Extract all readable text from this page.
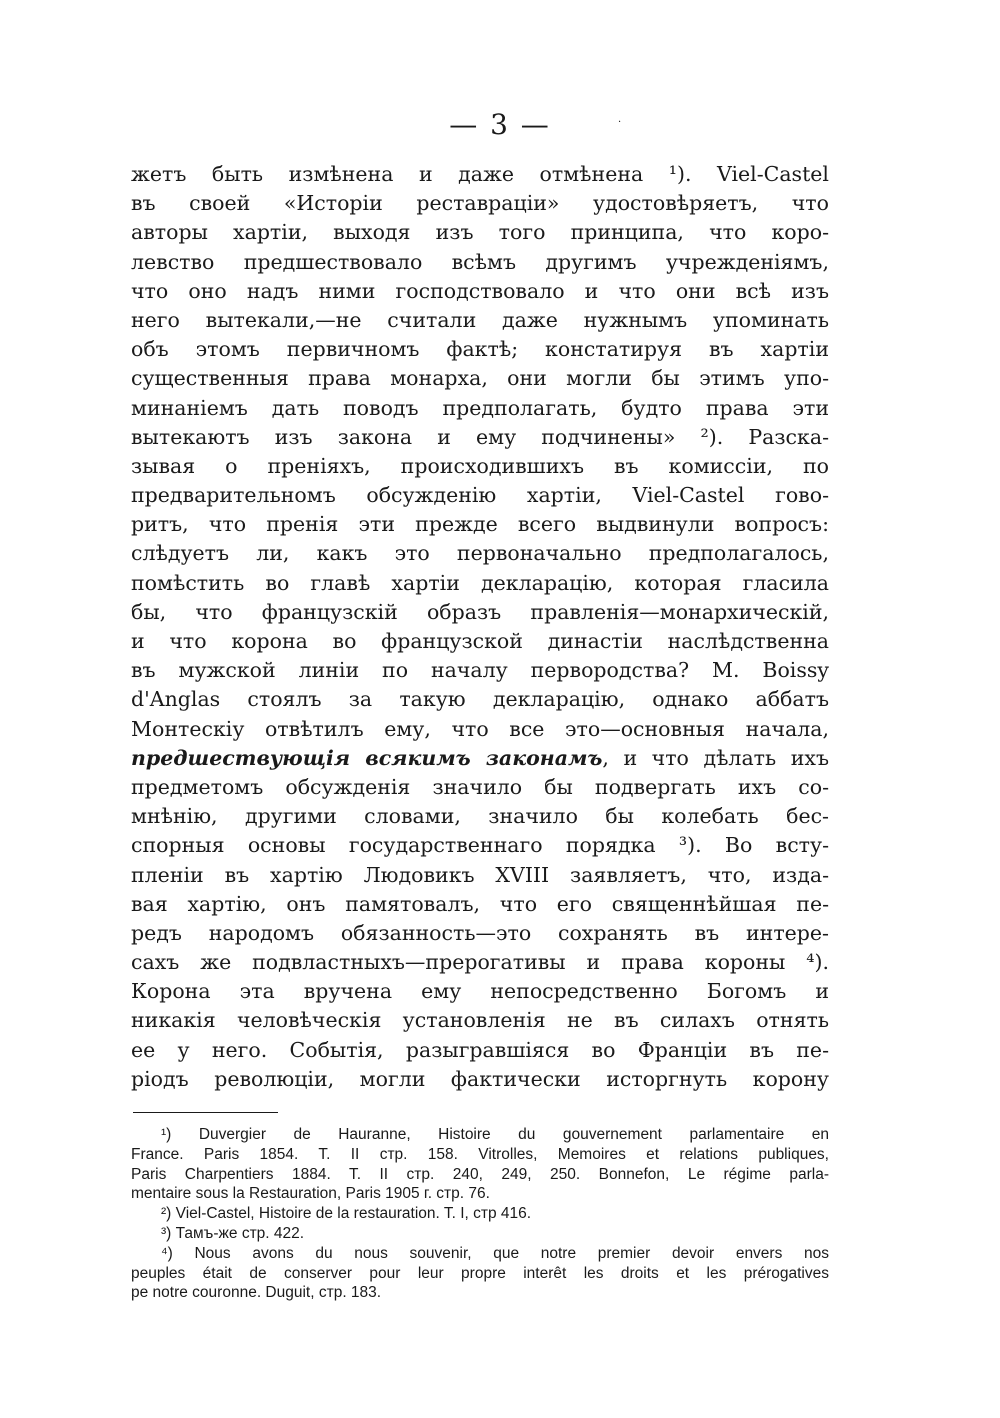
— 3 —	·
жетъ быть измѣнена и даже отмѣнена ¹). Viel-Castel
въ своей «Исторіи реставраціи» удостовѣряетъ, что
авторы хартіи, выходя изъ того принципа, что коро-
левство предшествовало всѣмъ другимъ учрежденіямъ,
что оно надъ ними господствовало и что они всѣ изъ
него вытекали,—не считали даже нужнымъ упоминать
объ этомъ первичномъ фактѣ; констатируя въ хартіи
существенныя права монарха, они могли бы этимъ упо-
минаніемъ дать поводъ предполагать, будто права эти
вытекаютъ изъ закона и ему подчинены» ²). Разска-
зывая о преніяхъ, происходившихъ въ комиссіи, по
предварительномъ обсужденію хартіи, Viel-Castel гово-
ритъ, что пренія эти прежде всего выдвинули вопросъ:
слѣдуетъ ли, какъ это первоначально предполагалось,
помѣстить во главѣ хартіи декларацію, которая гласила
бы, что французскій образъ правленія—монархическій,
и что корона во французской династіи наслѣдственна
въ мужской линіи по началу первородства? M. Boissy
d'Anglas стоялъ за такую декларацію, однако аббатъ
Монтескіу отвѣтилъ ему, что все это—основныя начала,
предшествующія всякимъ законамъ, и что дѣлать ихъ
предметомъ обсужденія значило бы подвергать ихъ со-
мнѣнію, другими словами, значило бы колебать бес-
спорныя основы государственнаго порядка ³). Во всту-
пленіи въ хартію Людовикъ XVIII заявляетъ, что, изда-
вая хартію, онъ памятовалъ, что его священнѣйшая пе-
редъ народомъ обязанность—это сохранять въ интере-
сахъ же подвластныхъ—прерогативы и права короны ⁴).
Корона эта вручена ему непосредственно Богомъ и
никакія человѣческія установленія не въ силахъ отнять
ее у него. Событія, разыгравшіяся во Франціи въ пе-
ріодъ революціи, могли фактически исторгнуть корону
¹) Duvergier de Hauranne, Histoire du gouvernement parlamentaire en
France. Paris 1854. T. II стр. 158. Vitrolles, Memoires et relations publiques,
Paris Charpentiers 1884. T. II стр. 240, 249, 250. Bonnefon, Le régime parla-
mentaire sous la Restauration, Paris 1905 г. стр. 76.
²) Viel-Castel, Histoire de la restauration. T. I, стр 416.
³) Тамъ-же стр. 422.
⁴) Nous avons du nous souvenir, que notre premier devoir envers nos
peuples était de conserver pour leur propre interêt les droits et les prérogatives
pe notre couronne. Duguit, стр. 183.
